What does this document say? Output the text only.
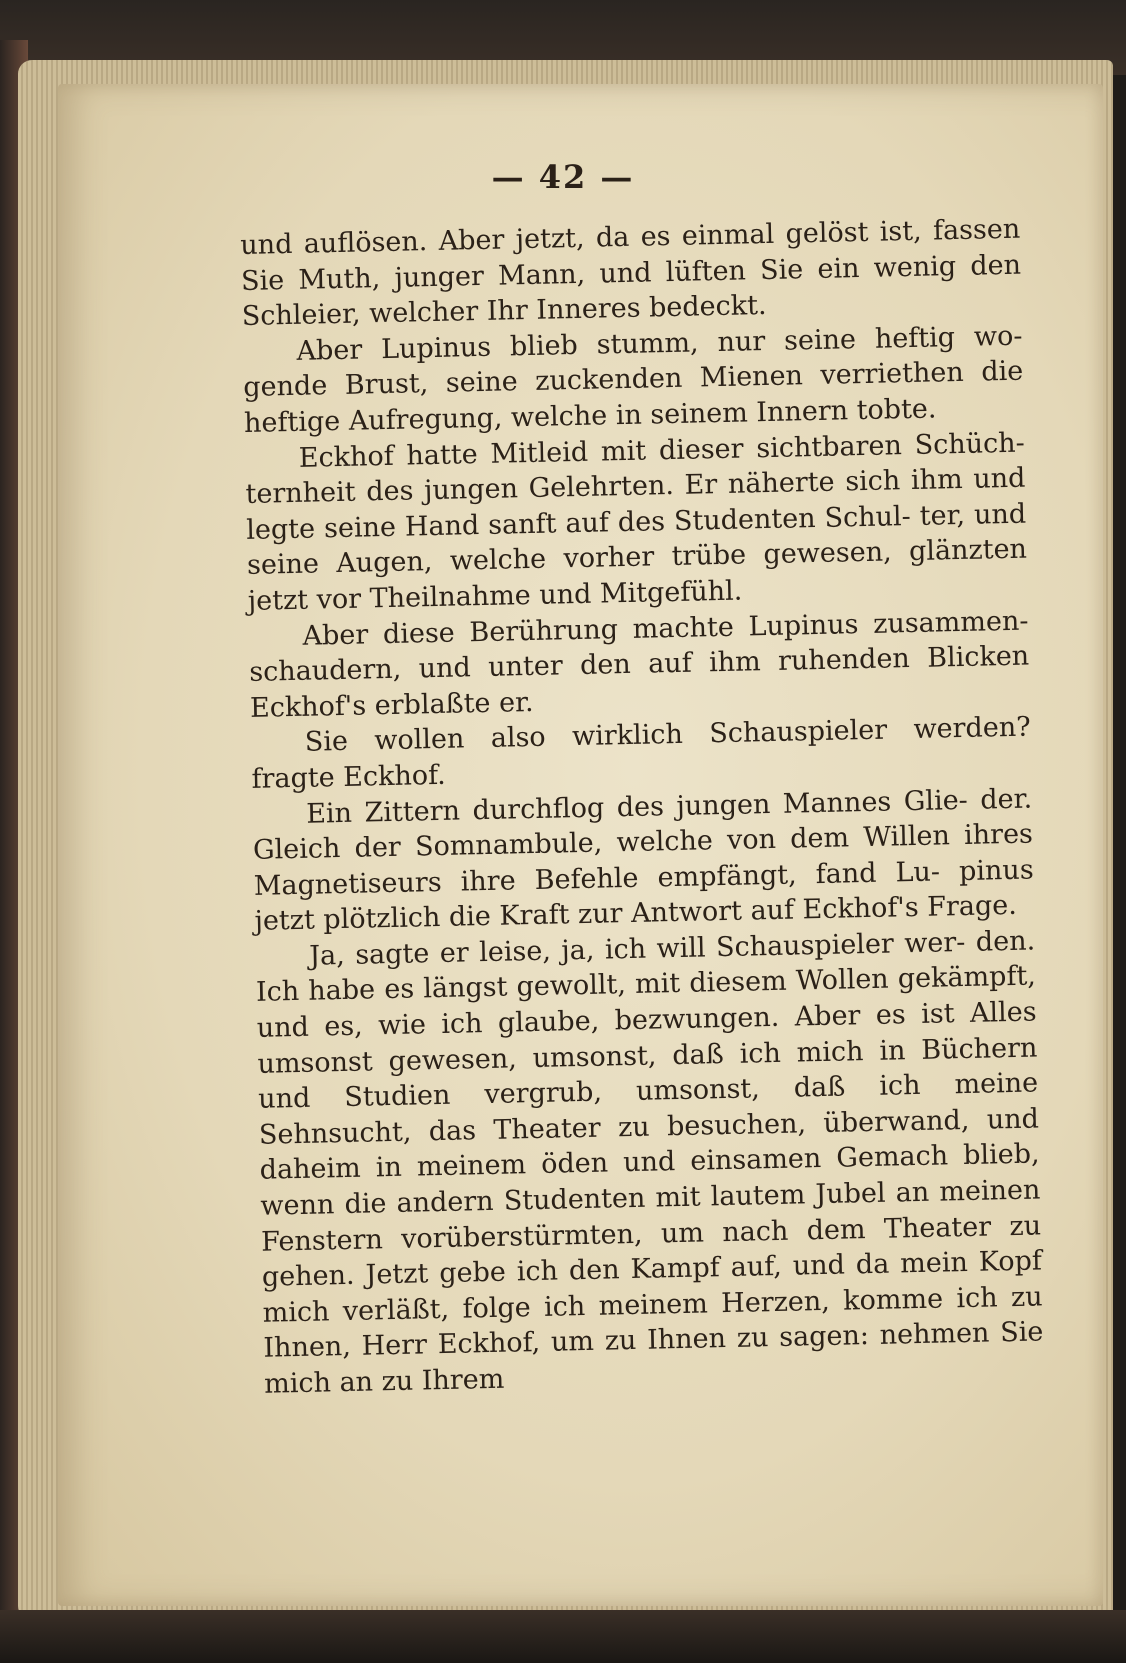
— 42 —

und auflösen. Aber jetzt, da es einmal gelöst ist, fassen Sie Muth, junger Mann, und lüften Sie ein wenig den Schleier, welcher Ihr Inneres bedeckt.

Aber Lupinus blieb stumm, nur seine heftig wo- gende Brust, seine zuckenden Mienen verriethen die heftige Aufregung, welche in seinem Innern tobte.

Eckhof hatte Mitleid mit dieser sichtbaren Schüch- ternheit des jungen Gelehrten. Er näherte sich ihm und legte seine Hand sanft auf des Studenten Schul- ter, und seine Augen, welche vorher trübe gewesen, glänzten jetzt vor Theilnahme und Mitgefühl.

Aber diese Berührung machte Lupinus zusammen- schaudern, und unter den auf ihm ruhenden Blicken Eckhof's erblaßte er.

Sie wollen also wirklich Schauspieler werden? fragte Eckhof.

Ein Zittern durchflog des jungen Mannes Glie- der. Gleich der Somnambule, welche von dem Willen ihres Magnetiseurs ihre Befehle empfängt, fand Lu- pinus jetzt plötzlich die Kraft zur Antwort auf Eckhof's Frage.

Ja, sagte er leise, ja, ich will Schauspieler wer- den. Ich habe es längst gewollt, mit diesem Wollen gekämpft, und es, wie ich glaube, bezwungen. Aber es ist Alles umsonst gewesen, umsonst, daß ich mich in Büchern und Studien vergrub, umsonst, daß ich meine Sehnsucht, das Theater zu besuchen, überwand, und daheim in meinem öden und einsamen Gemach blieb, wenn die andern Studenten mit lautem Jubel an meinen Fenstern vorüberstürmten, um nach dem Theater zu gehen. Jetzt gebe ich den Kampf auf, und da mein Kopf mich verläßt, folge ich meinem Herzen, komme ich zu Ihnen, Herr Eckhof, um zu Ihnen zu sagen: nehmen Sie mich an zu Ihrem
